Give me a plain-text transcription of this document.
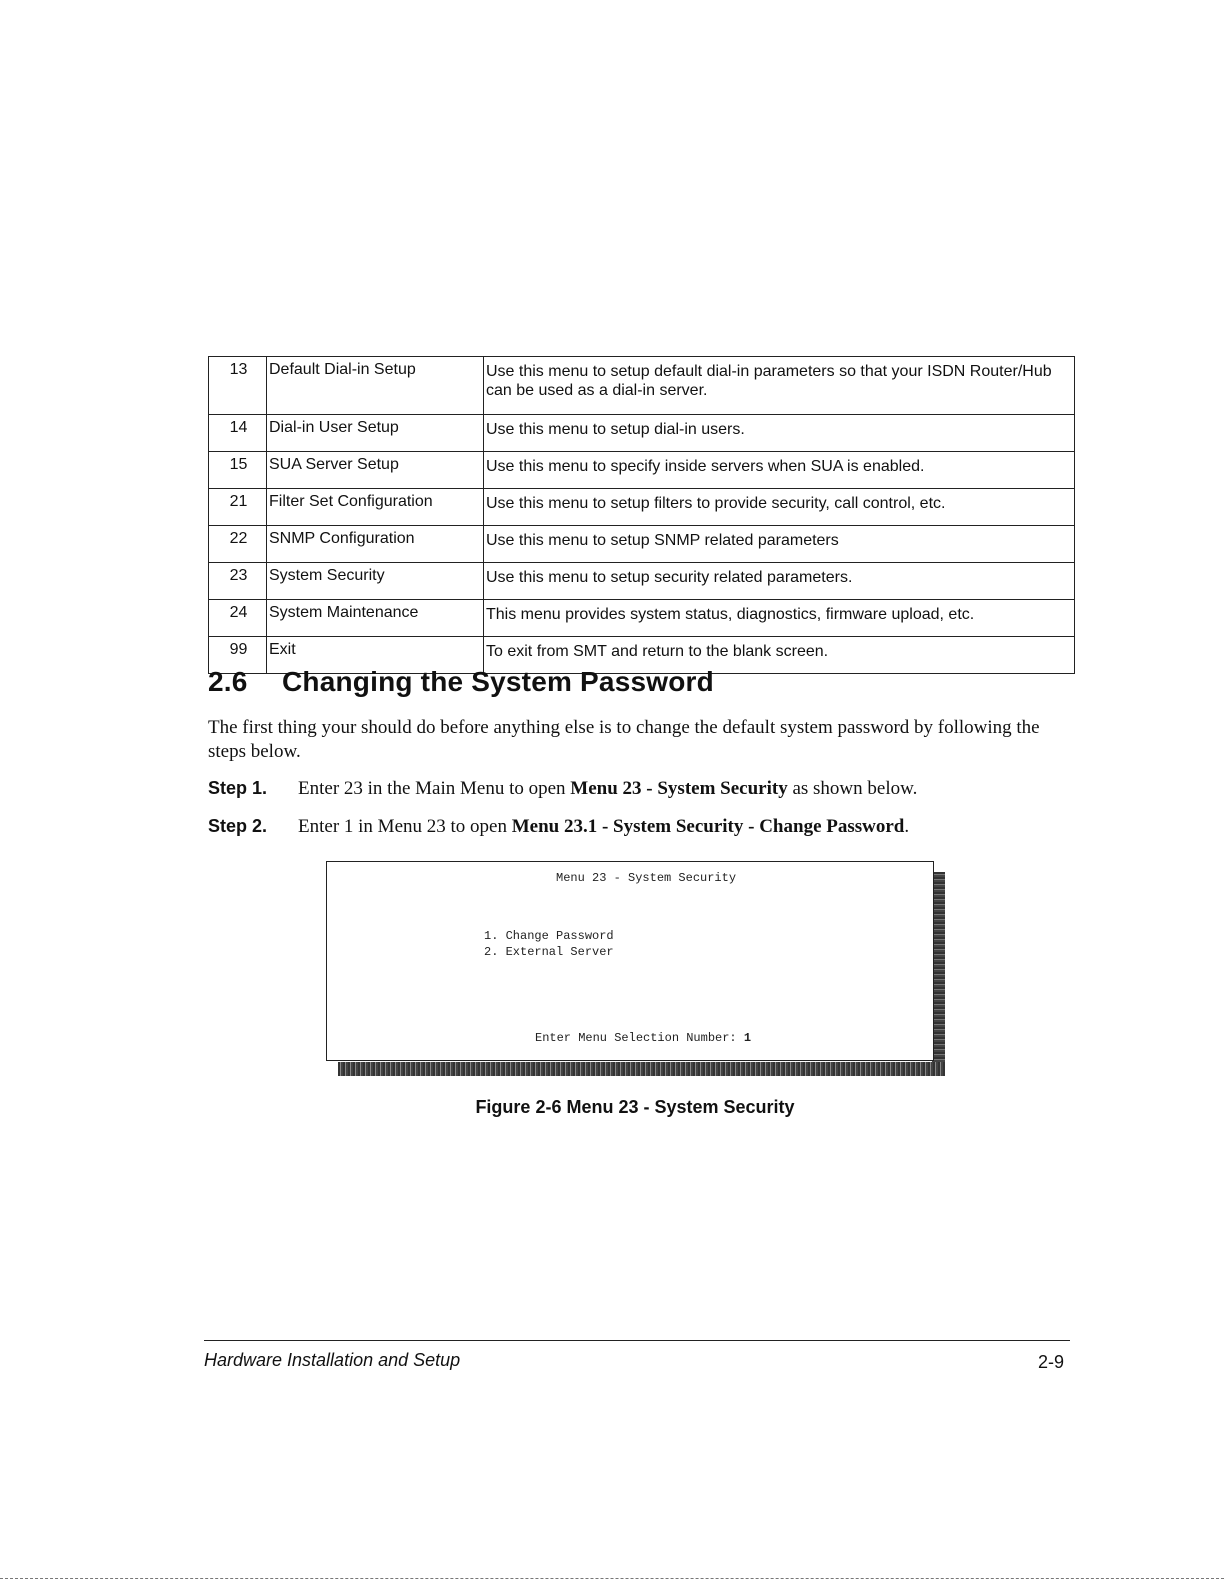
13	Default Dial-in Setup	Use this menu to setup default dial-in parameters so that your ISDN Router/Hub can be used as a dial-in server.
14	Dial-in User Setup	Use this menu to setup dial-in users.
15	SUA Server Setup	Use this menu to specify inside servers when SUA is enabled.
21	Filter Set Configuration	Use this menu to setup filters to provide security, call control, etc.
22	SNMP Configuration	Use this menu to setup SNMP related parameters
23	System Security	Use this menu to setup security related parameters.
24	System Maintenance	This menu provides system status, diagnostics, firmware upload, etc.
99	Exit	To exit from SMT and return to the blank screen.
2.6 Changing the System Password

The first thing your should do before anything else is to change the default system password by following the steps below.

Step 1. Enter 23 in the Main Menu to open Menu 23 - System Security as shown below.
Step 2. Enter 1 in Menu 23 to open Menu 23.1 - System Security - Change Password.
Menu 23 - System Security
1. Change Password
2. External Server
Enter Menu Selection Number: 1
Figure 2-6 Menu 23 - System Security
Hardware Installation and Setup	2-9
